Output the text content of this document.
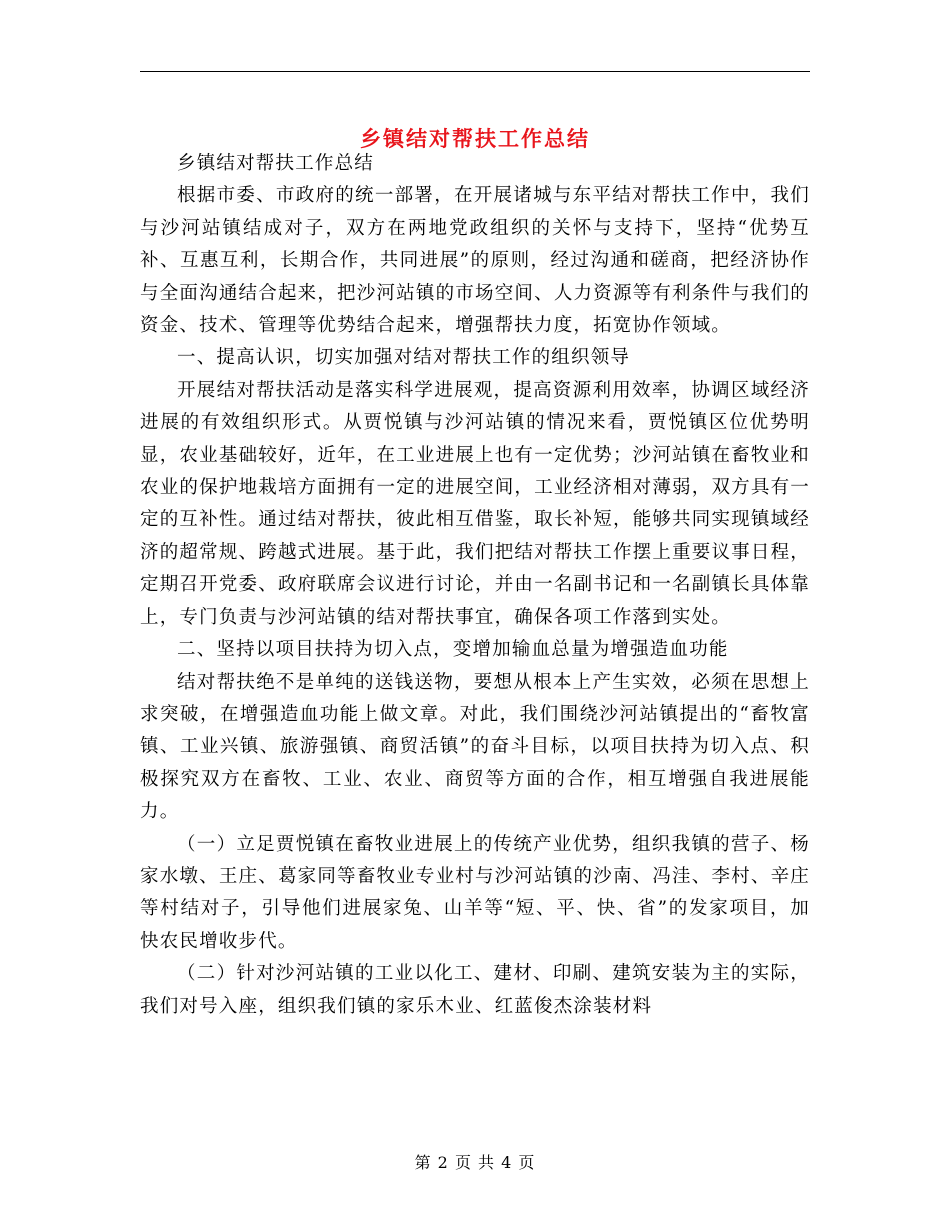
乡镇结对帮扶工作总结

乡镇结对帮扶工作总结

根据市委、市政府的统一部署，在开展诸城与东平结对帮扶工作中，我们与沙河站镇结成对子，双方在两地党政组织的关怀与支持下，坚持“优势互补、互惠互利，长期合作，共同进展”的原则，经过沟通和磋商，把经济协作与全面沟通结合起来，把沙河站镇的市场空间、人力资源等有利条件与我们的资金、技术、管理等优势结合起来，增强帮扶力度，拓宽协作领域。

一、提高认识，切实加强对结对帮扶工作的组织领导

开展结对帮扶活动是落实科学进展观，提高资源利用效率，协调区域经济进展的有效组织形式。从贾悦镇与沙河站镇的情况来看，贾悦镇区位优势明显，农业基础较好，近年，在工业进展上也有一定优势；沙河站镇在畜牧业和农业的保护地栽培方面拥有一定的进展空间，工业经济相对薄弱，双方具有一定的互补性。通过结对帮扶，彼此相互借鉴，取长补短，能够共同实现镇域经济的超常规、跨越式进展。基于此，我们把结对帮扶工作摆上重要议事日程，定期召开党委、政府联席会议进行讨论，并由一名副书记和一名副镇长具体靠上，专门负责与沙河站镇的结对帮扶事宜，确保各项工作落到实处。

二、坚持以项目扶持为切入点，变增加输血总量为增强造血功能

结对帮扶绝不是单纯的送钱送物，要想从根本上产生实效，必须在思想上求突破，在增强造血功能上做文章。对此，我们围绕沙河站镇提出的“畜牧富镇、工业兴镇、旅游强镇、商贸活镇”的奋斗目标，以项目扶持为切入点、积极探究双方在畜牧、工业、农业、商贸等方面的合作，相互增强自我进展能力。

（一）立足贾悦镇在畜牧业进展上的传统产业优势，组织我镇的营子、杨家水墩、王庄、葛家同等畜牧业专业村与沙河站镇的沙南、冯洼、李村、辛庄等村结对子，引导他们进展家兔、山羊等“短、平、快、省”的发家项目，加快农民增收步代。

（二）针对沙河站镇的工业以化工、建材、印刷、建筑安装为主的实际，我们对号入座，组织我们镇的家乐木业、红蓝俊杰涂装材料

第 2 页 共 4 页
